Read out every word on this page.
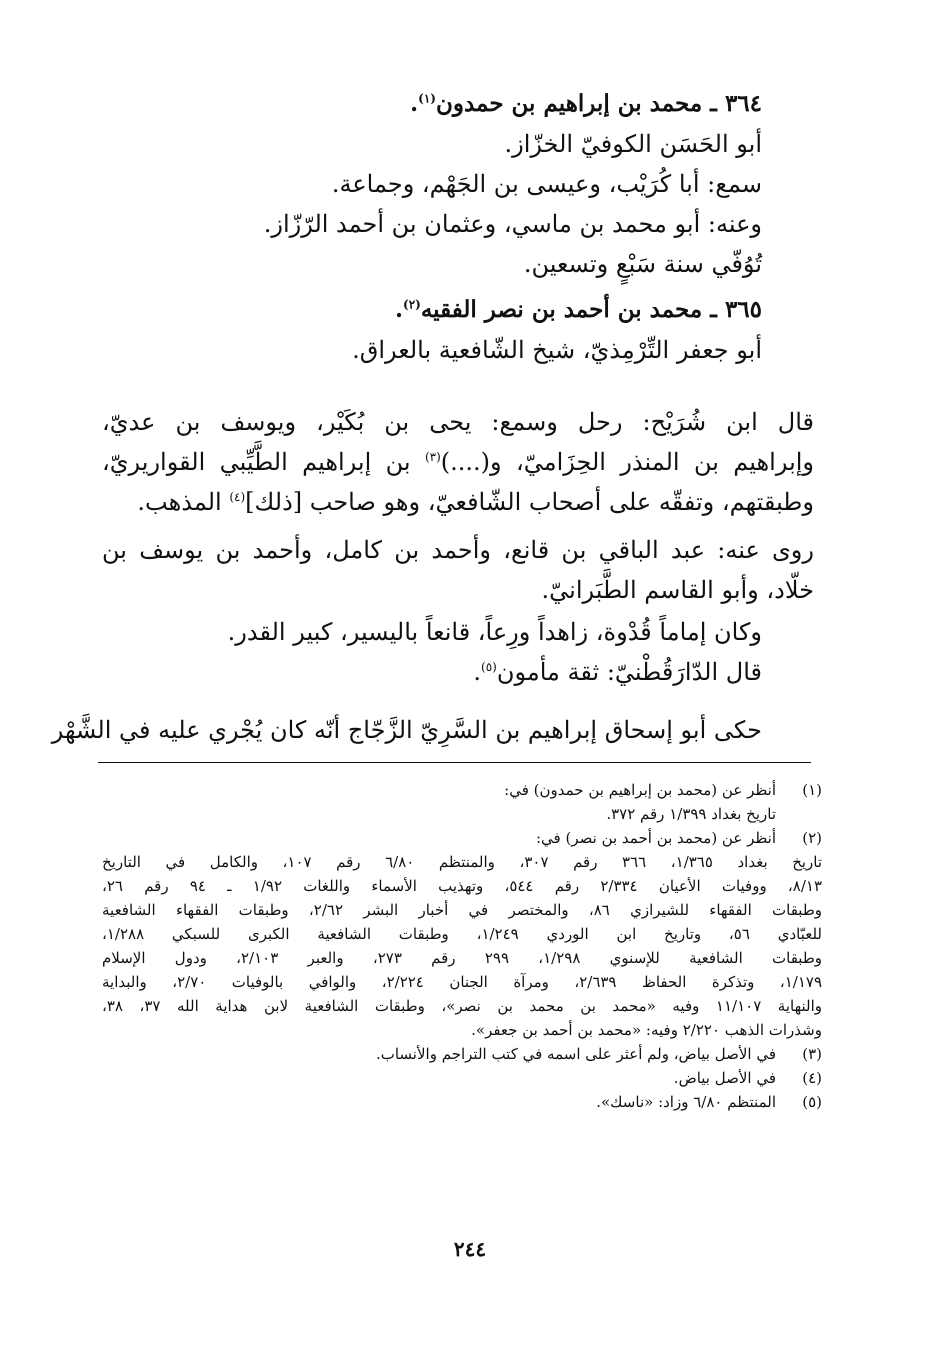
٣٦٤ ـ محمد بن إبراهيم بن حمدون$^{(١)}$.
أبو الحَسَن الكوفيّ الخزّاز.
سمع: أبا كُرَيْب، وعيسى بن الجَهْم، وجماعة.
وعنه: أبو محمد بن ماسي، وعثمان بن أحمد الرّزّاز.
تُوُفّي سنة سَبْعٍ وتسعين.
٣٦٥ ـ محمد بن أحمد بن نصر الفقيه$^{(٢)}$.
أبو جعفر التِّرْمِذيّ، شيخ الشّافعية بالعراق.
قال ابن شُرَيْح: رحل وسمع: يحى بن بُكَيْر، ويوسف بن عديّ،
وإبراهيم بن المنذر الحِزَاميّ، و(....)$^{(٣)}$ بن إبراهيم الطَّيِّبي القواريريّ،
وطبقتهم، وتفقّه على أصحاب الشّافعيّ، وهو صاحب [ذلك]$^{(٤)}$ المذهب.
روى عنه: عبد الباقي بن قانع، وأحمد بن كامل، وأحمد بن يوسف بن
خلّاد، وأبو القاسم الطَّبَرانيّ.
وكان إماماً قُدْوة، زاهداً ورِعاً، قانعاً باليسير، كبير القدر.
قال الدّارَقُطْنيّ: ثقة مأمون$^{(٥)}$.
حكى أبو إسحاق إبراهيم بن السَّرِيّ الزَّجّاج أنّه كان يُجْري عليه في الشَّهْر
(١)
أنظر عن (محمد بن إبراهيم بن حمدون) في:
تاريخ بغداد ١/٣٩٩ رقم ٣٧٢.
(٢)
أنظر عن (محمد بن أحمد بن نصر) في:
تاريخ بغداد ١/٣٦٥، ٣٦٦ رقم ٣٠٧، والمنتظم ٦/٨٠ رقم ١٠٧، والكامل في التاريخ
٨/١٣، ووفيات الأعيان ٢/٣٣٤ رقم ٥٤٤، وتهذيب الأسماء واللغات ١/٩٢ ـ ٩٤ رقم ٢٦،
وطبقات الفقهاء للشيرازي ٨٦، والمختصر في أخبار البشر ٢/٦٢، وطبقات الفقهاء الشافعية
للعبّادي ٥٦، وتاريخ ابن الوردي ١/٢٤٩، وطبقات الشافعية الكبرى للسبكي ١/٢٨٨،
وطبقات الشافعية للإسنوي ١/٢٩٨، ٢٩٩ رقم ٢٧٣، والعبر ٢/١٠٣، ودول الإسلام
١/١٧٩، وتذكرة الحفاظ ٢/٦٣٩، ومرآة الجنان ٢/٢٢٤، والوافي بالوفيات ٢/٧٠، والبداية
والنهاية ١١/١٠٧ وفيه «محمد بن محمد بن نصر»، وطبقات الشافعية لابن هداية الله ٣٧، ٣٨،
وشذرات الذهب ٢/٢٢٠ وفيه: «محمد بن أحمد بن جعفر».
(٣)
في الأصل بياض، ولم أعثر على اسمه في كتب التراجم والأنساب.
(٤)
في الأصل بياض.
(٥)
المنتظم ٦/٨٠ وزاد: «ناسك».
٢٤٤
